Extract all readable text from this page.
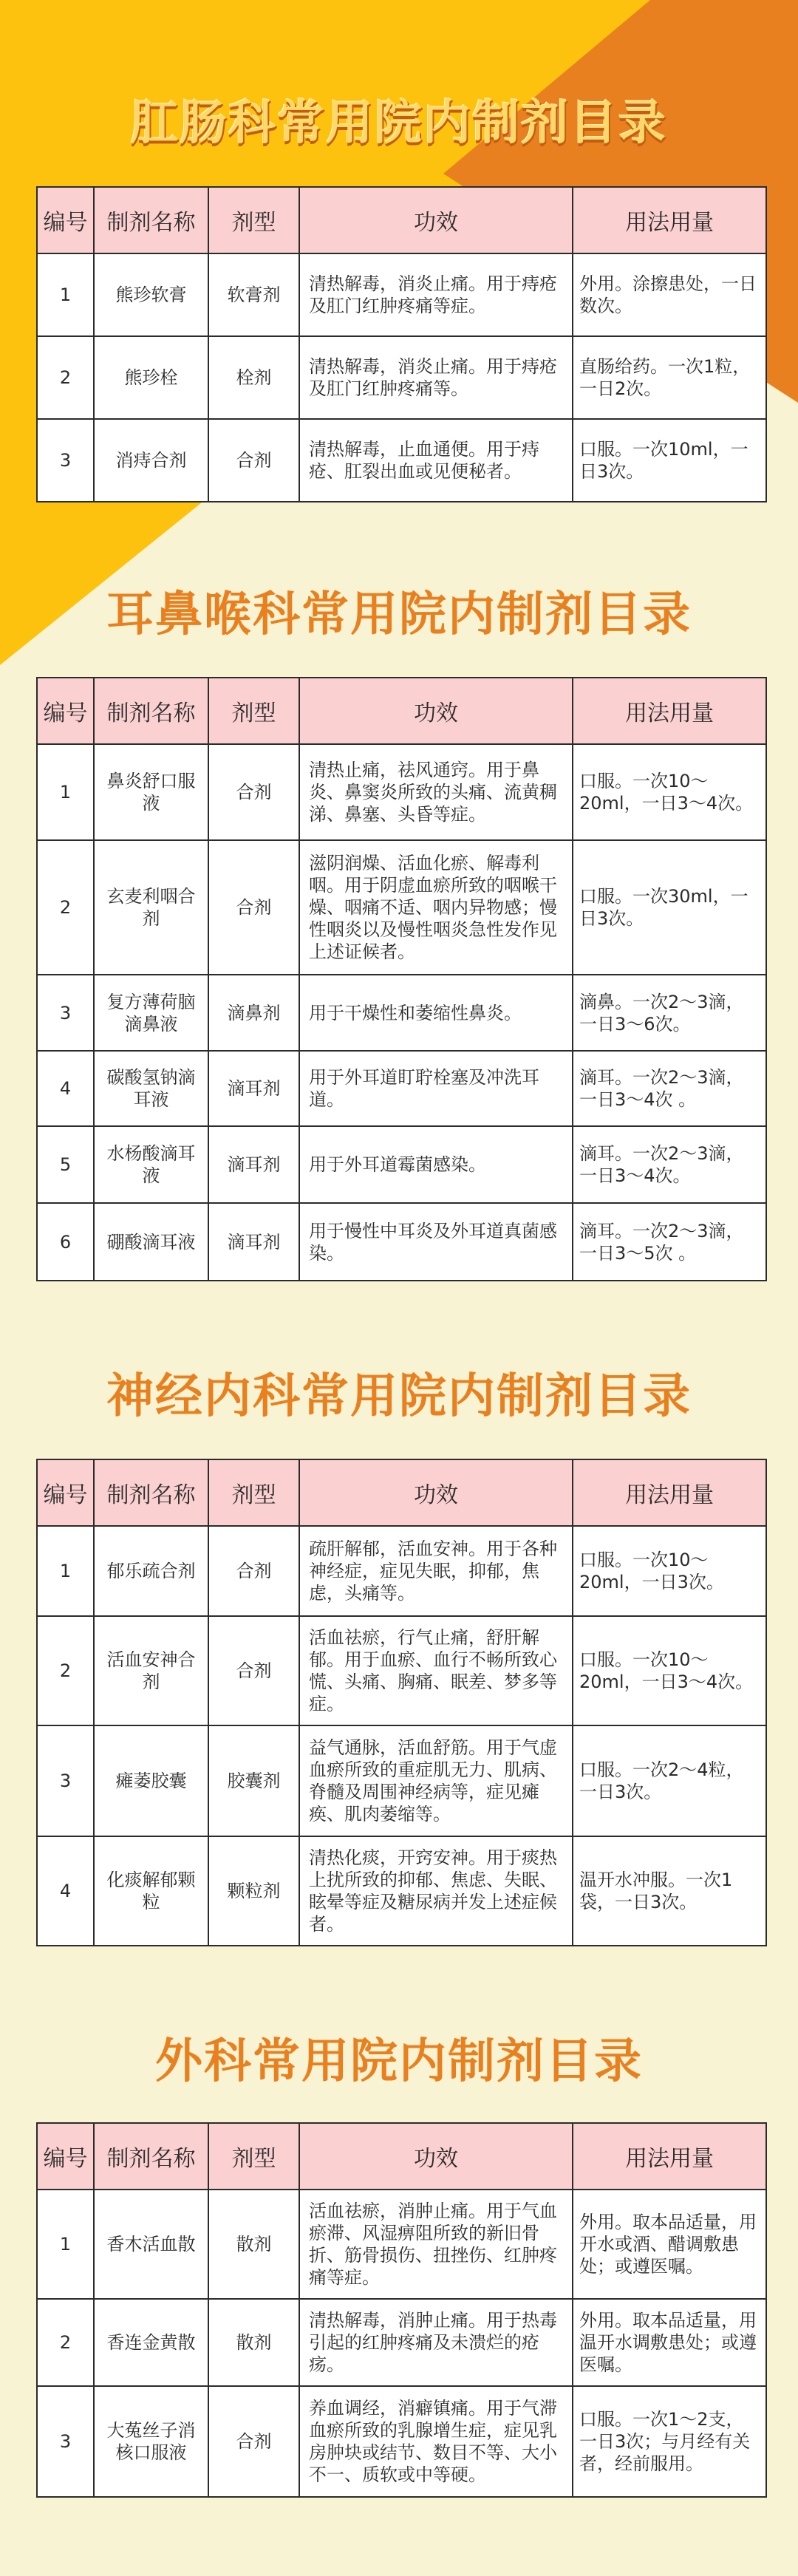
肛肠科常用院内制剂目录
编号	制剂名称	剂型	功效	用法用量
1	熊珍软膏	软膏剂	清热解毒，消炎止痛。用于痔疮及肛门红肿疼痛等症。	外用。涂擦患处，一日数次。
2	熊珍栓	栓剂	清热解毒，消炎止痛。用于痔疮及肛门红肿疼痛等。	直肠给药。一次1粒，一日2次。
3	消痔合剂	合剂	清热解毒，止血通便。用于痔疮、肛裂出血或见便秘者。	口服。一次10ml，一日3次。
耳鼻喉科常用院内制剂目录
编号	制剂名称	剂型	功效	用法用量
1	鼻炎舒口服液	合剂	清热止痛，祛风通窍。用于鼻炎、鼻窦炎所致的头痛、流黄稠涕、鼻塞、头昏等症。	口服。一次10～20ml，一日3～4次。
2	玄麦利咽合剂	合剂	滋阴润燥、活血化瘀、解毒利咽。用于阴虚血瘀所致的咽喉干燥、咽痛不适、咽内异物感；慢性咽炎以及慢性咽炎急性发作见上述证候者。	口服。一次30ml，一日3次。
3	复方薄荷脑滴鼻液	滴鼻剂	用于干燥性和萎缩性鼻炎。	滴鼻。一次2～3滴，一日3～6次。
4	碳酸氢钠滴耳液	滴耳剂	用于外耳道盯聍栓塞及冲洗耳道。	滴耳。一次2～3滴，一日3～4次 。
5	水杨酸滴耳液	滴耳剂	用于外耳道霉菌感染。	滴耳。一次2～3滴，一日3～4次。
6	硼酸滴耳液	滴耳剂	用于慢性中耳炎及外耳道真菌感染。	滴耳。一次2～3滴，一日3～5次 。
神经内科常用院内制剂目录
编号	制剂名称	剂型	功效	用法用量
1	郁乐疏合剂	合剂	疏肝解郁，活血安神。用于各种神经症，症见失眠，抑郁，焦虑，头痛等。	口服。一次10～20ml，一日3次。
2	活血安神合剂	合剂	活血祛瘀，行气止痛，舒肝解郁。用于血瘀、血行不畅所致心慌、头痛、胸痛、眠差、梦多等症。	口服。一次10～20ml，一日3～4次。
3	瘫萎胶囊	胶囊剂	益气通脉，活血舒筋。用于气虚血瘀所致的重症肌无力、肌病、脊髓及周围神经病等，症见瘫痪、肌肉萎缩等。	口服。一次2～4粒，一日3次。
4	化痰解郁颗粒	颗粒剂	清热化痰，开窍安神。用于痰热上扰所致的抑郁、焦虑、失眠、眩晕等症及糖尿病并发上述症候者。	温开水冲服。一次1袋，一日3次。
外科常用院内制剂目录
编号	制剂名称	剂型	功效	用法用量
1	香木活血散	散剂	活血祛瘀，消肿止痛。用于气血瘀滞、风湿痹阻所致的新旧骨折、筋骨损伤、扭挫伤、红肿疼痛等症。	外用。取本品适量，用开水或酒、醋调敷患处；或遵医嘱。
2	香连金黄散	散剂	清热解毒，消肿止痛。用于热毒引起的红肿疼痛及未溃烂的疮疡。	外用。取本品适量，用温开水调敷患处；或遵医嘱。
3	大菟丝子消核口服液	合剂	养血调经，消癖镇痛。用于气滞血瘀所致的乳腺增生症，症见乳房肿块或结节、数目不等、大小不一、质软或中等硬。	口服。一次1～2支，一日3次；与月经有关者，经前服用。
